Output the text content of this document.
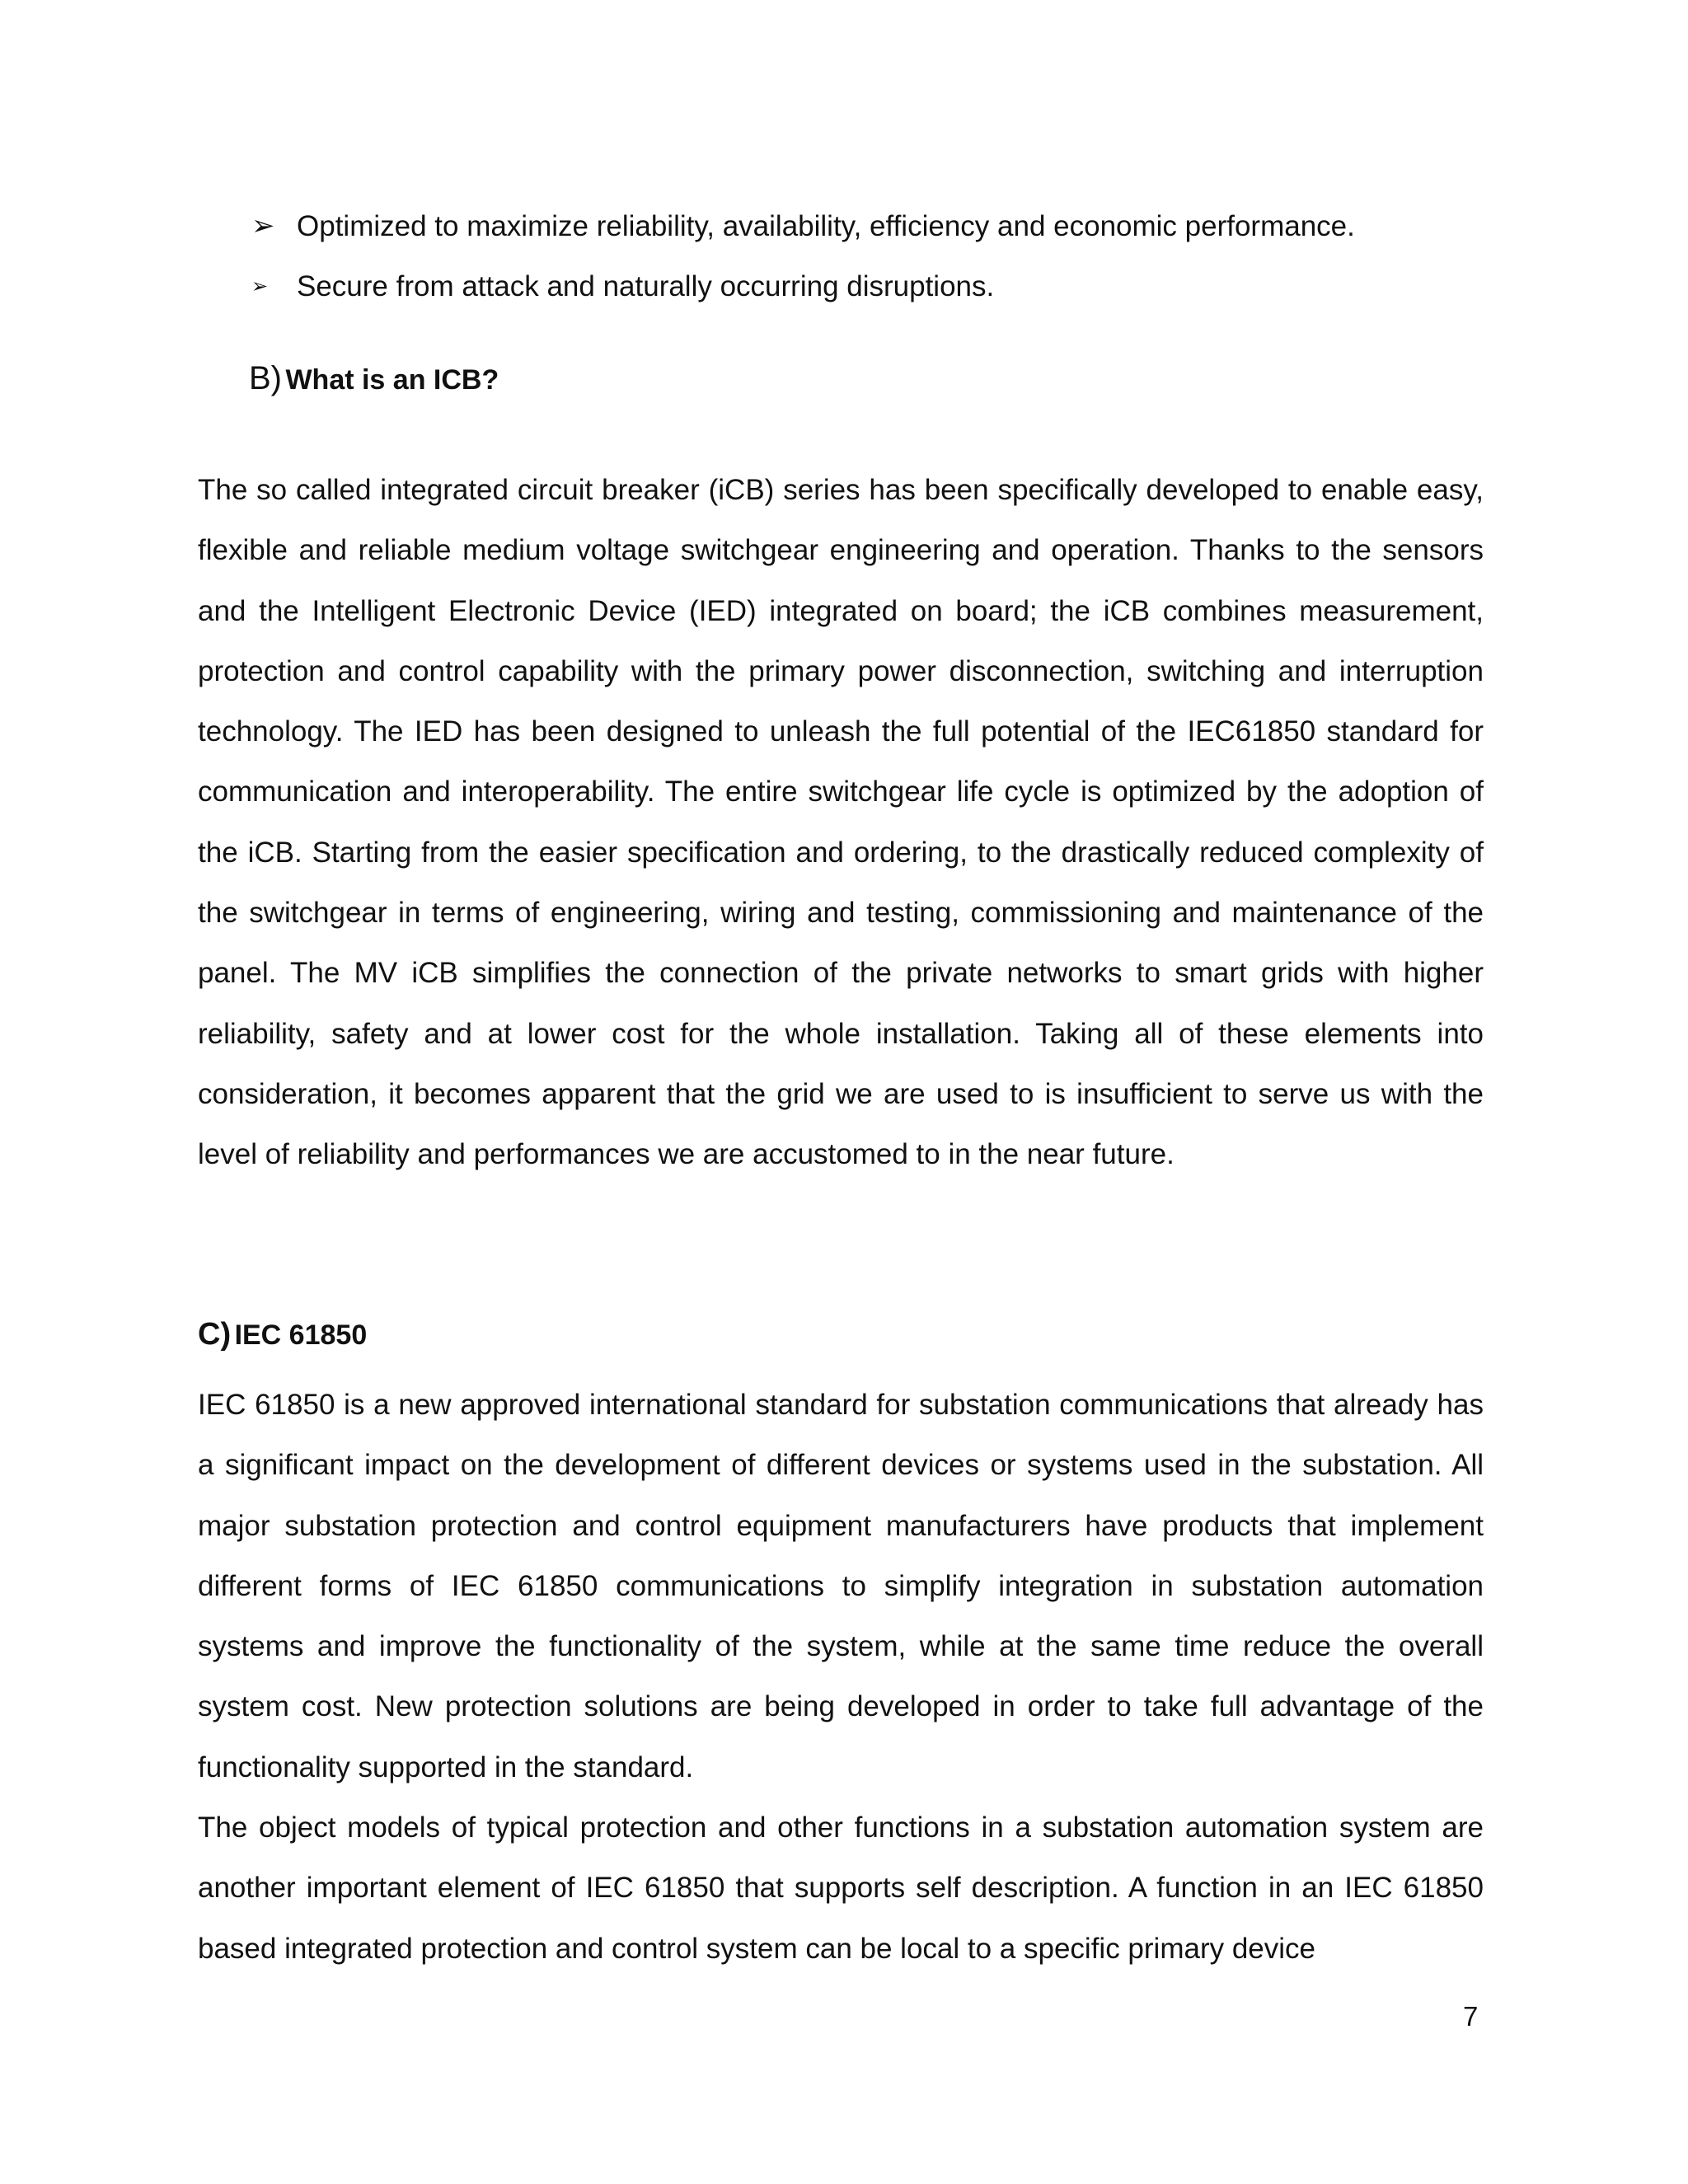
➢ Optimized to maximize reliability, availability, efficiency and economic performance.
➢ Secure from attack and naturally occurring disruptions.
B) What is an ICB?

The so called integrated circuit breaker (iCB) series has been specifically developed to enable easy, flexible and reliable medium voltage switchgear engineering and operation. Thanks to the sensors and the Intelligent Electronic Device (IED) integrated on board; the iCB combines measurement, protection and control capability with the primary power disconnection, switching and interruption technology. The IED has been designed to unleash the full potential of the IEC61850 standard for communication and interoperability. The entire switchgear life cycle is optimized by the adoption of the iCB. Starting from the easier specification and ordering, to the drastically reduced complexity of the switchgear in terms of engineering, wiring and testing, commissioning and maintenance of the panel. The MV iCB simplifies the connection of the private networks to smart grids with higher reliability, safety and at lower cost for the whole installation. Taking all of these elements into consideration, it becomes apparent that the grid we are used to is insufficient to serve us with the level of reliability and performances we are accustomed to in the near future.

C) IEC 61850

IEC 61850 is a new approved international standard for substation communications that already has a significant impact on the development of different devices or systems used in the substation. All major substation protection and control equipment manufacturers have products that implement different forms of IEC 61850 communications to simplify integration in substation automation systems and improve the functionality of the system, while at the same time reduce the overall system cost. New protection solutions are being developed in order to take full advantage of the functionality supported in the standard.

The object models of typical protection and other functions in a substation automation system are another important element of IEC 61850 that supports self description. A function in an IEC 61850 based integrated protection and control system can be local to a specific primary device

7
